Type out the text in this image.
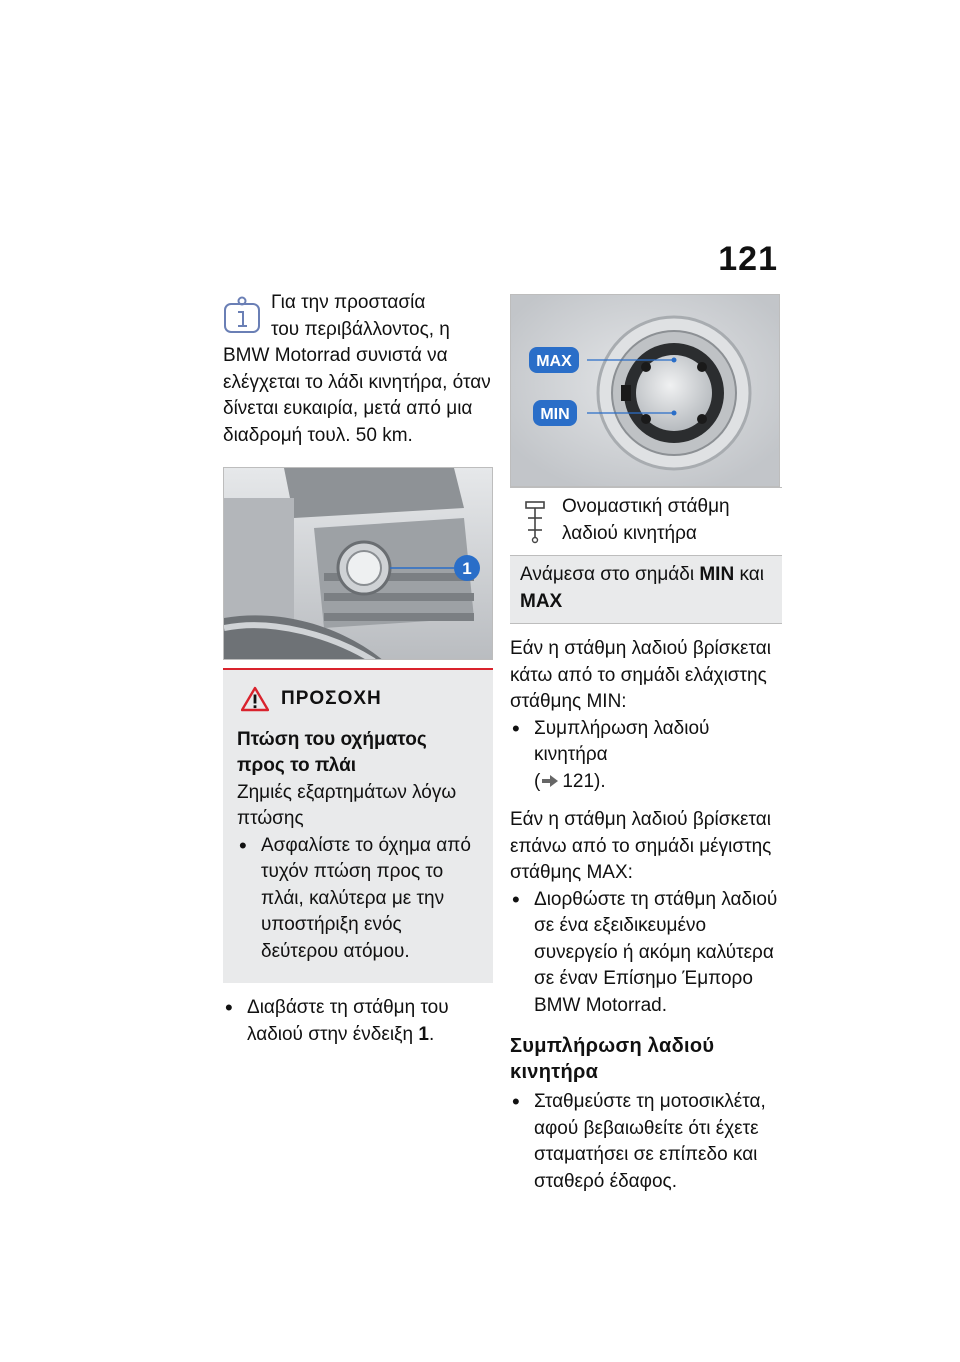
121

Για την προστασία

του περιβάλλοντος, η

BMW Motorrad συνιστά να ελέγχεται το λάδι κινητήρα, όταν δίνεται ευκαιρία, μετά από μια διαδρομή τουλ. 50 km.

1
ΠΡΟΣΟΧΗ
Πτώση του οχήματος προς το πλάι
Ζημιές εξαρτημάτων λόγω πτώσης
• Ασφαλίστε το όχημα από τυχόν πτώση προς το πλάι, καλύτερα με την υποστήριξη ενός δεύτερου ατόμου.
• Διαβάστε τη στάθμη του λαδιού στην ένδειξη 1.
MAX
MIN
Ονομαστική στάθμη λαδιού κινητήρα
Ανάμεσα στο σημάδι MIN και MAX
Εάν η στάθμη λαδιού βρίσκεται κάτω από το σημάδι ελάχιστης στάθμης MIN:
• Συμπλήρωση λαδιού κινητήρα
( 121).
Εάν η στάθμη λαδιού βρίσκεται επάνω από το σημάδι μέγιστης στάθμης MAX:
• Διορθώστε τη στάθμη λαδιού σε ένα εξειδικευμένο συνεργείο ή ακόμη καλύτερα σε έναν Επίσημο Έμπορο BMW Motorrad.
Συμπλήρωση λαδιού κινητήρα
• Σταθμεύστε τη μοτοσικλέτα, αφού βεβαιωθείτε ότι έχετε σταματήσει σε επίπεδο και σταθερό έδαφος.
